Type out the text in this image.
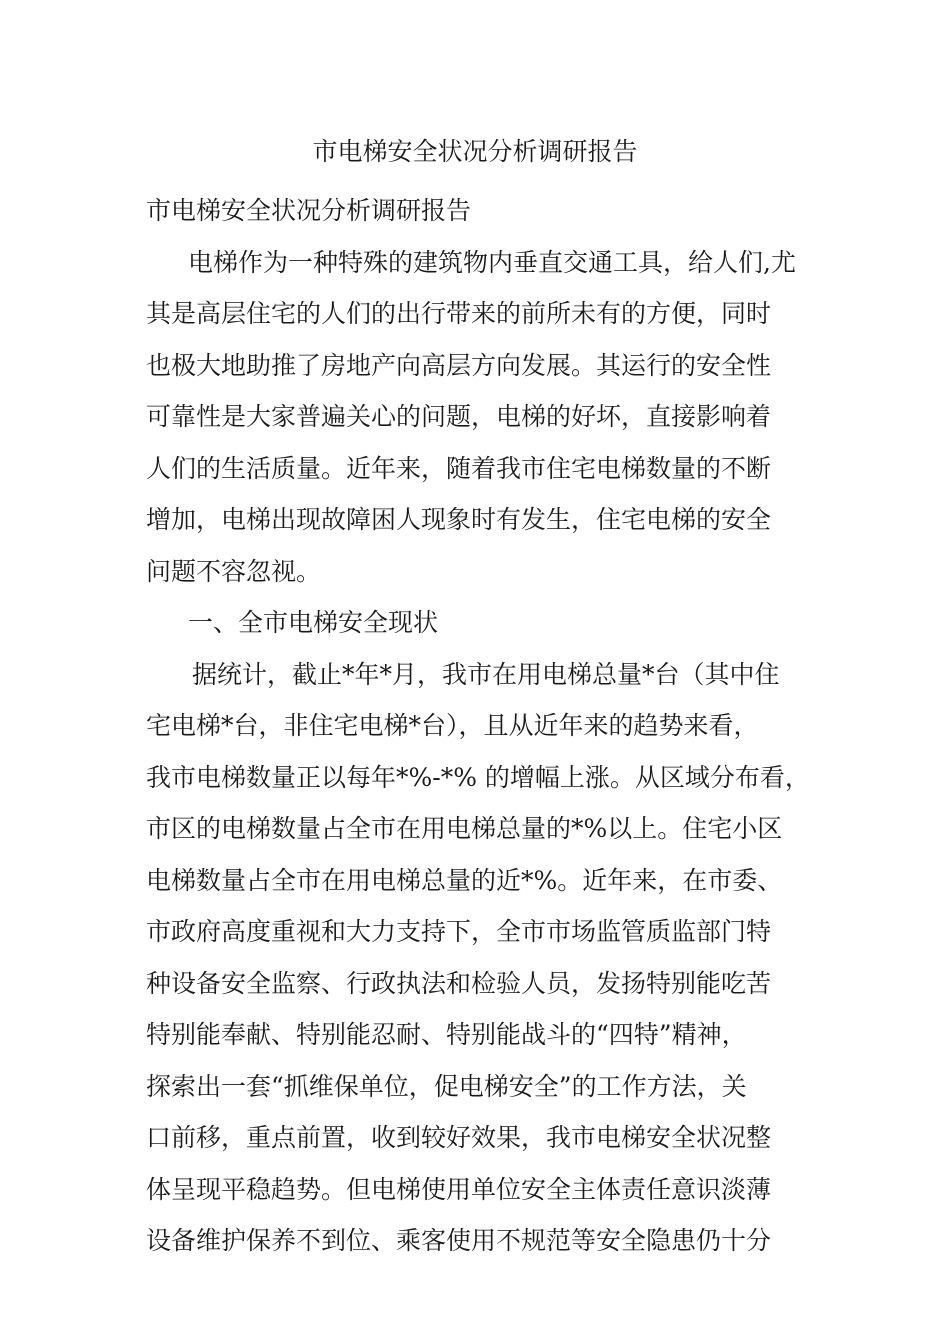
市电梯安全状况分析调研报告

市电梯安全状况分析调研报告

电梯作为一种特殊的建筑物内垂直交通工具，给人们,尤

其是高层住宅的人们的出行带来的前所未有的方便，同时

也极大地助推了房地产向高层方向发展。其运行的安全性

可靠性是大家普遍关心的问题，电梯的好坏，直接影响着

人们的生活质量。近年来，随着我市住宅电梯数量的不断

增加，电梯出现故障困人现象时有发生，住宅电梯的安全

问题不容忽视。

一、全市电梯安全现状

据统计，截止*年*月，我市在用电梯总量*台（其中住

宅电梯*台，非住宅电梯*台），且从近年来的趋势来看，

我市电梯数量正以每年*%-*% 的增幅上涨。从区域分布看，

市区的电梯数量占全市在用电梯总量的*%以上。住宅小区

电梯数量占全市在用电梯总量的近*%。近年来，在市委、

市政府高度重视和大力支持下，全市市场监管质监部门特

种设备安全监察、行政执法和检验人员，发扬特别能吃苦

特别能奉献、特别能忍耐、特别能战斗的“四特”精神，

探索出一套“抓维保单位，促电梯安全”的工作方法，关

口前移，重点前置，收到较好效果，我市电梯安全状况整

体呈现平稳趋势。但电梯使用单位安全主体责任意识淡薄

设备维护保养不到位、乘客使用不规范等安全隐患仍十分
